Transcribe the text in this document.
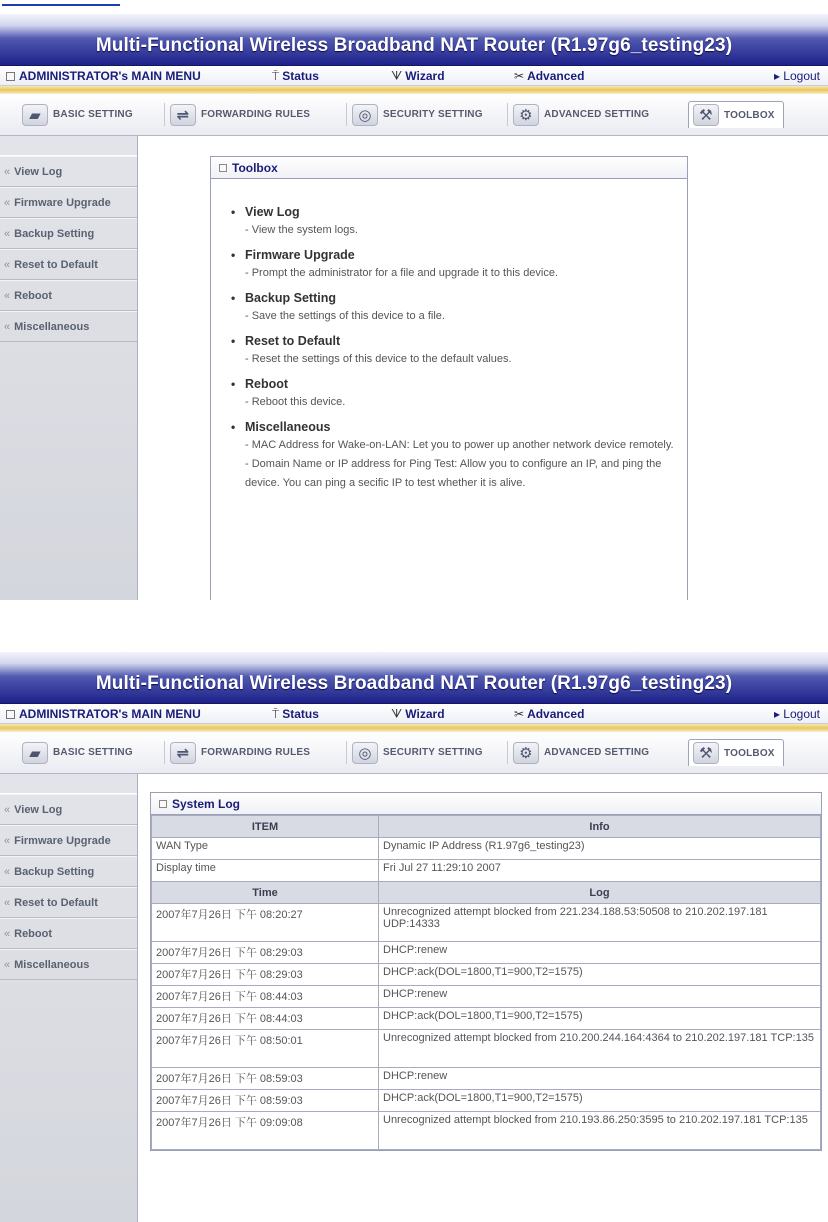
Multi-Functional Wireless Broadband NAT Router (R1.97g6_testing23)
ADMINISTRATOR's MAIN MENU	⍑ Status	ᗐ Wizard	✂ Advanced	▸ Logout
▰	BASIC SETTING	⇌	FORWARDING RULES	◎	SECURITY SETTING	⚙	ADVANCED SETTING	⚒	TOOLBOX
« View Log
« Firmware Upgrade
« Backup Setting
« Reset to Default
« Reboot
« Miscellaneous
Toolbox
• View Log
- View the system logs.
• Firmware Upgrade
- Prompt the administrator for a file and upgrade it to this device.
• Backup Setting
- Save the settings of this device to a file.
• Reset to Default
- Reset the settings of this device to the default values.
• Reboot
- Reboot this device.
• Miscellaneous
- MAC Address for Wake-on-LAN: Let you to power up another network device remotely.
- Domain Name or IP address for Ping Test: Allow you to configure an IP, and ping the device. You can ping a secific IP to test whether it is alive.
Multi-Functional Wireless Broadband NAT Router (R1.97g6_testing23)
ADMINISTRATOR's MAIN MENU	⍑ Status	ᗐ Wizard	✂ Advanced	▸ Logout
▰	BASIC SETTING	⇌	FORWARDING RULES	◎	SECURITY SETTING	⚙	ADVANCED SETTING	⚒	TOOLBOX
« View Log
« Firmware Upgrade
« Backup Setting
« Reset to Default
« Reboot
« Miscellaneous
System Log
ITEM	Info
WAN Type	Dynamic IP Address (R1.97g6_testing23)
Display time	Fri Jul 27 11:29:10 2007
Time	Log
2007年7月26日 下午 08:20:27	Unrecognized attempt blocked from 221.234.188.53:50508 to 210.202.197.181 UDP:14333
2007年7月26日 下午 08:29:03	DHCP:renew
2007年7月26日 下午 08:29:03	DHCP:ack(DOL=1800,T1=900,T2=1575)
2007年7月26日 下午 08:44:03	DHCP:renew
2007年7月26日 下午 08:44:03	DHCP:ack(DOL=1800,T1=900,T2=1575)
2007年7月26日 下午 08:50:01	Unrecognized attempt blocked from 210.200.244.164:4364 to 210.202.197.181 TCP:135
2007年7月26日 下午 08:59:03	DHCP:renew
2007年7月26日 下午 08:59:03	DHCP:ack(DOL=1800,T1=900,T2=1575)
2007年7月26日 下午 09:09:08	Unrecognized attempt blocked from 210.193.86.250:3595 to 210.202.197.181 TCP:135
